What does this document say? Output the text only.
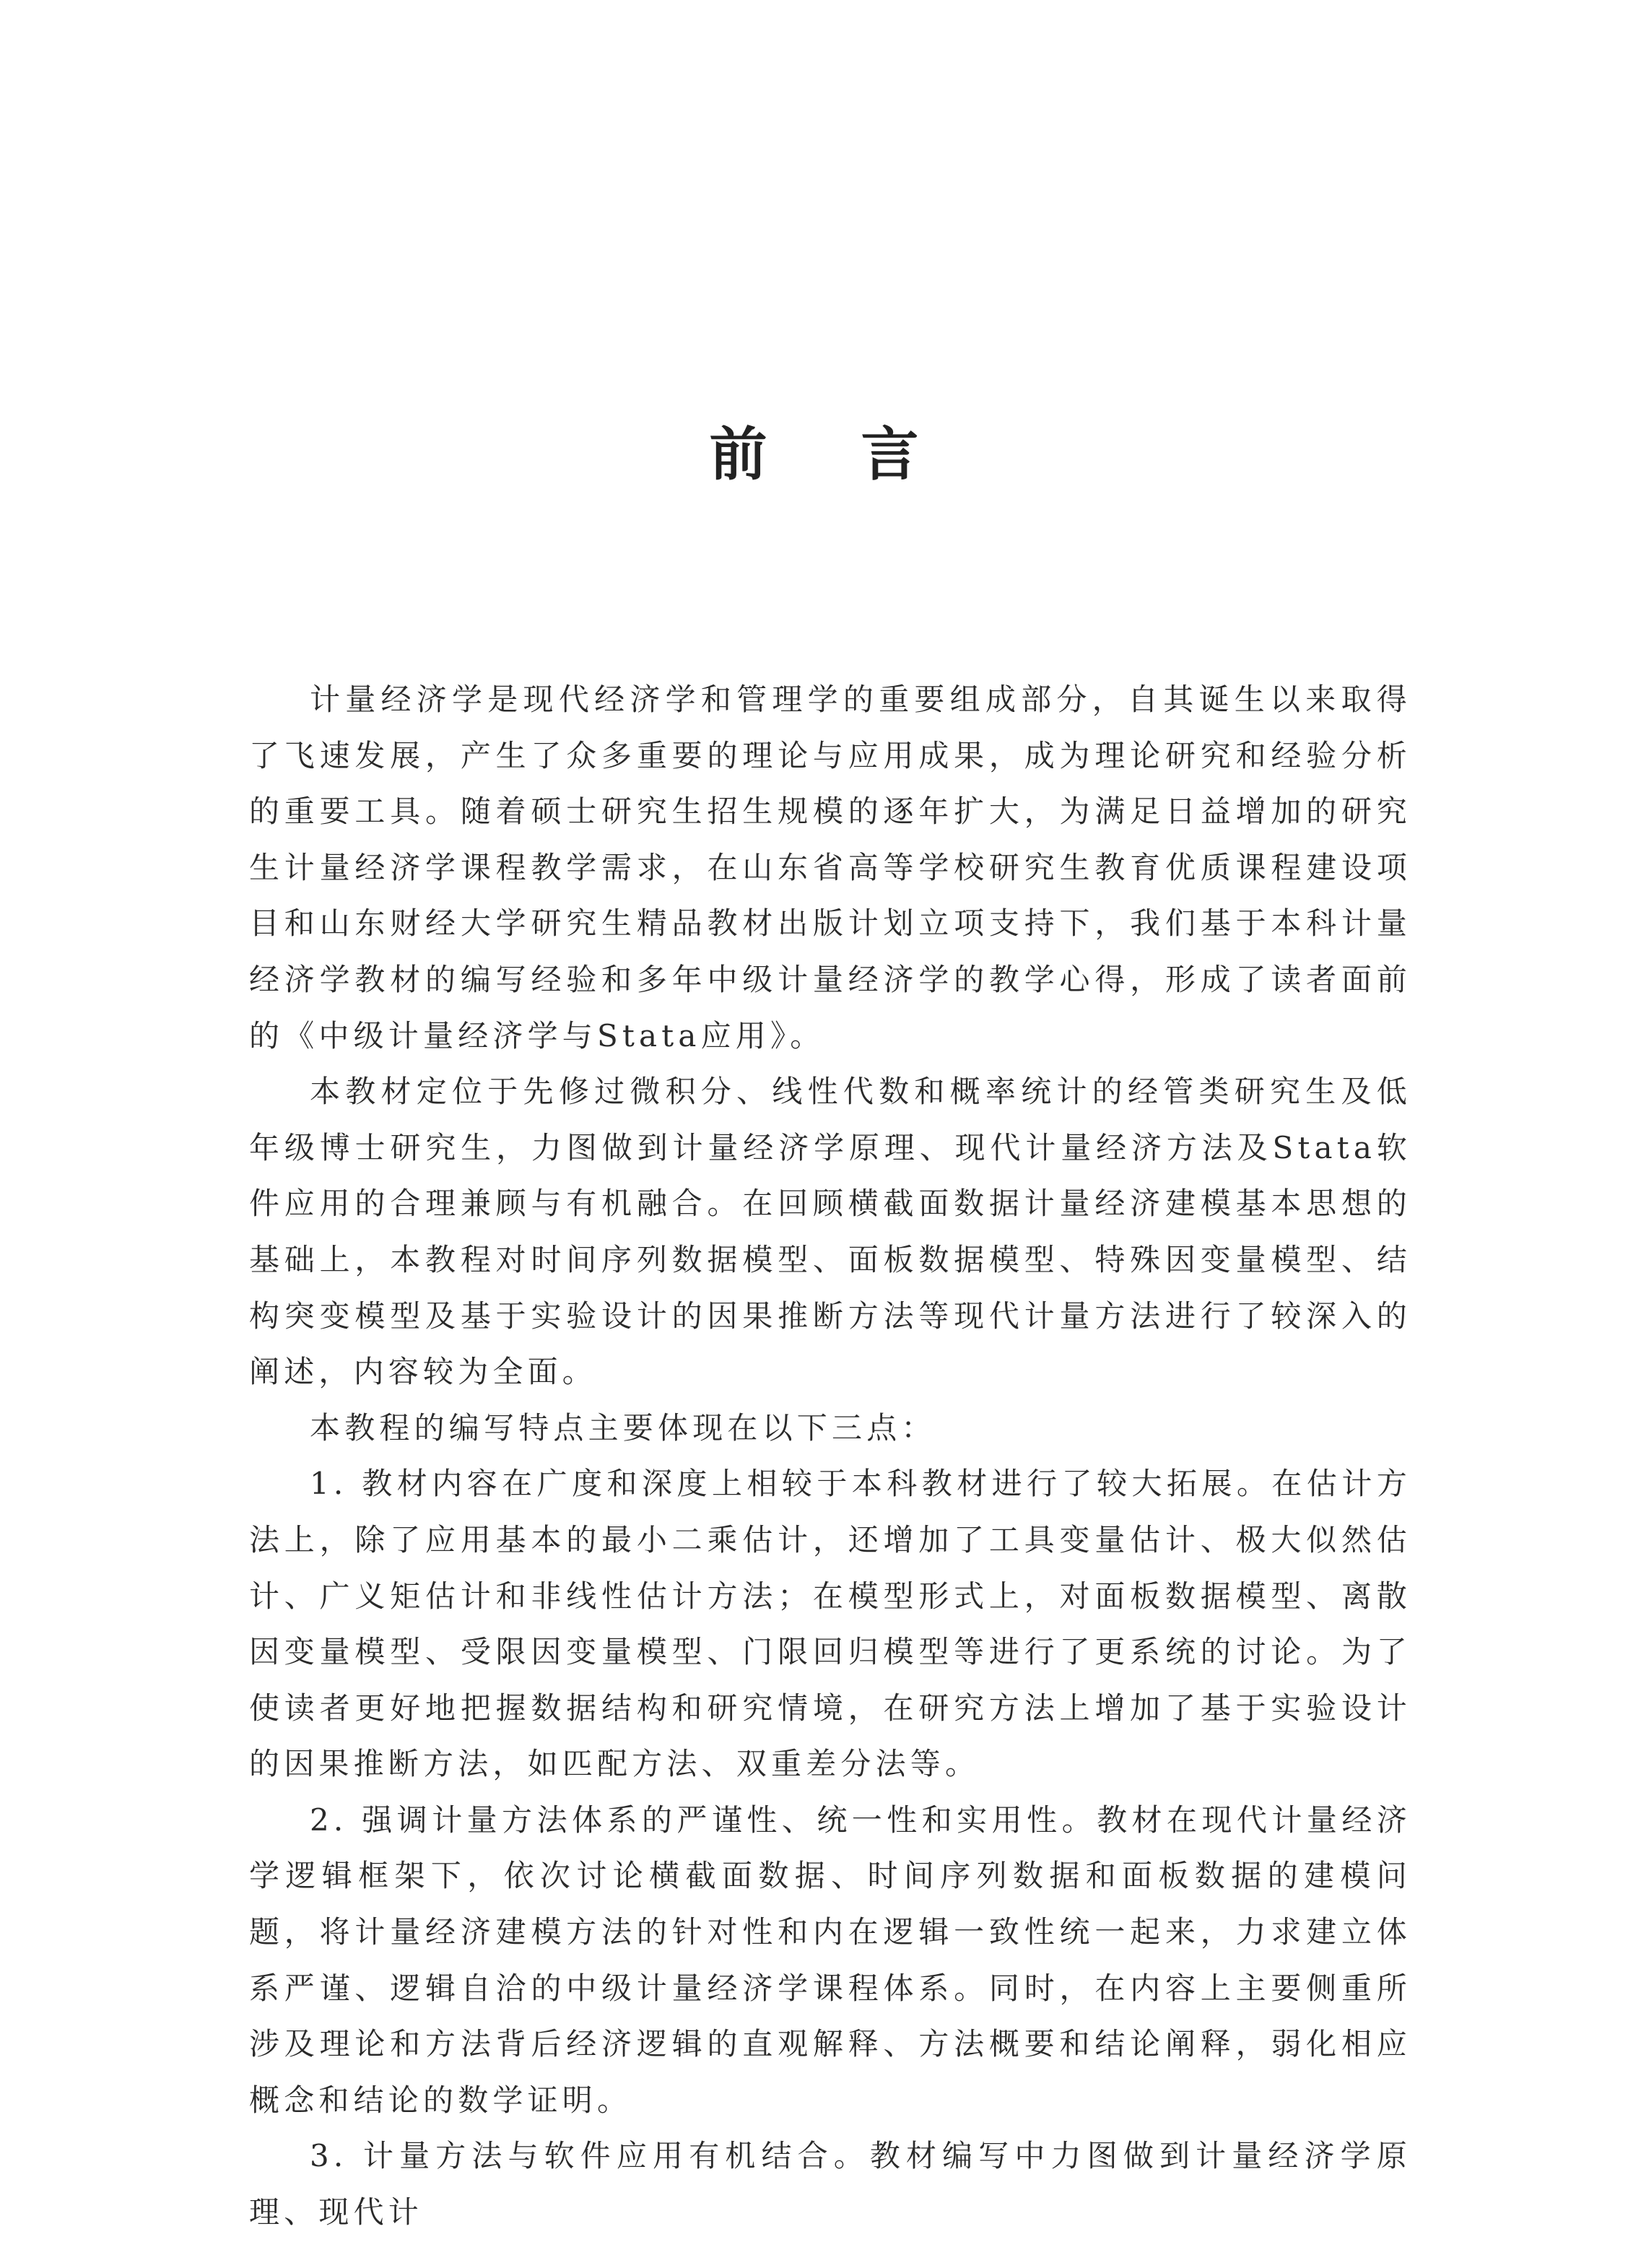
前言

计量经济学是现代经济学和管理学的重要组成部分，自其诞生以来取得了飞速发展，产生了众多重要的理论与应用成果，成为理论研究和经验分析的重要工具。随着硕士研究生招生规模的逐年扩大，为满足日益增加的研究生计量经济学课程教学需求，在山东省高等学校研究生教育优质课程建设项目和山东财经大学研究生精品教材出版计划立项支持下，我们基于本科计量经济学教材的编写经验和多年中级计量经济学的教学心得，形成了读者面前的《中级计量经济学与Stata应用》。

本教材定位于先修过微积分、线性代数和概率统计的经管类研究生及低年级博士研究生，力图做到计量经济学原理、现代计量经济方法及Stata软件应用的合理兼顾与有机融合。在回顾横截面数据计量经济建模基本思想的基础上，本教程对时间序列数据模型、面板数据模型、特殊因变量模型、结构突变模型及基于实验设计的因果推断方法等现代计量方法进行了较深入的阐述，内容较为全面。

本教程的编写特点主要体现在以下三点：

1. 教材内容在广度和深度上相较于本科教材进行了较大拓展。在估计方法上，除了应用基本的最小二乘估计，还增加了工具变量估计、极大似然估计、广义矩估计和非线性估计方法；在模型形式上，对面板数据模型、离散因变量模型、受限因变量模型、门限回归模型等进行了更系统的讨论。为了使读者更好地把握数据结构和研究情境，在研究方法上增加了基于实验设计的因果推断方法，如匹配方法、双重差分法等。

2. 强调计量方法体系的严谨性、统一性和实用性。教材在现代计量经济学逻辑框架下，依次讨论横截面数据、时间序列数据和面板数据的建模问题，将计量经济建模方法的针对性和内在逻辑一致性统一起来，力求建立体系严谨、逻辑自洽的中级计量经济学课程体系。同时，在内容上主要侧重所涉及理论和方法背后经济逻辑的直观解释、方法概要和结论阐释，弱化相应概念和结论的数学证明。

3. 计量方法与软件应用有机结合。教材编写中力图做到计量经济学原理、现代计
